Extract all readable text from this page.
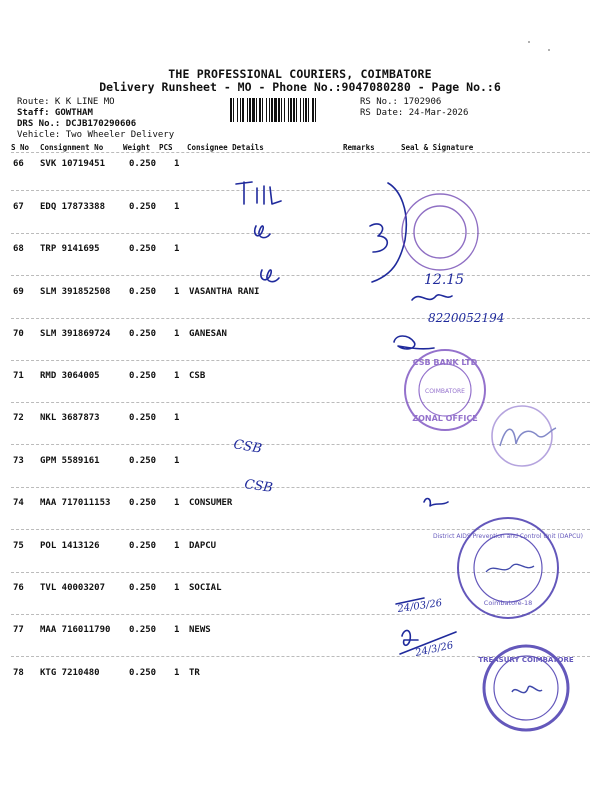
THE PROFESSIONAL COURIERS, COIMBATORE
Delivery Runsheet - MO - Phone No.:9047080280 - Page No.:6
Route: K K LINE MO
Staff: GOWTHAM
DRS No.: DCJB170290606
Vehicle: Two Wheeler Delivery
RS No.: 1702906
RS Date: 24-Mar-2026
S No Consignment No	Weight PCS Consignee Details	Remarks	Seal & Signature
66 SVK 10719451	0.250 1
67 EDQ 17873388	0.250 1
68 TRP 9141695	0.250 1
69 SLM 391852508 0.250 1 VASANTHA RANI
70 SLM 391869724 0.250 1 GANESAN
71 RMD 3064005	0.250 1 CSB
72 NKL 3687873	0.250 1
73 GPM 5589161	0.250 1
74 MAA 717011153 0.250 1 CONSUMER
75 POL 1413126	0.250 1 DAPCU
76 TVL 40003207	0.250 1 SOCIAL
77 MAA 716011790 0.250 1 NEWS
78 KTG 7210480	0.250 1 TR
12.15
8220052194
CSB
CSB
24/03/26
24/3/26
CSB BANK LTD
COIMBATORE
ZONAL OFFICE
District AIDS Prevention and Control Unit (DAPCU)
Coimbatore-18
TREASURY COIMBATORE
